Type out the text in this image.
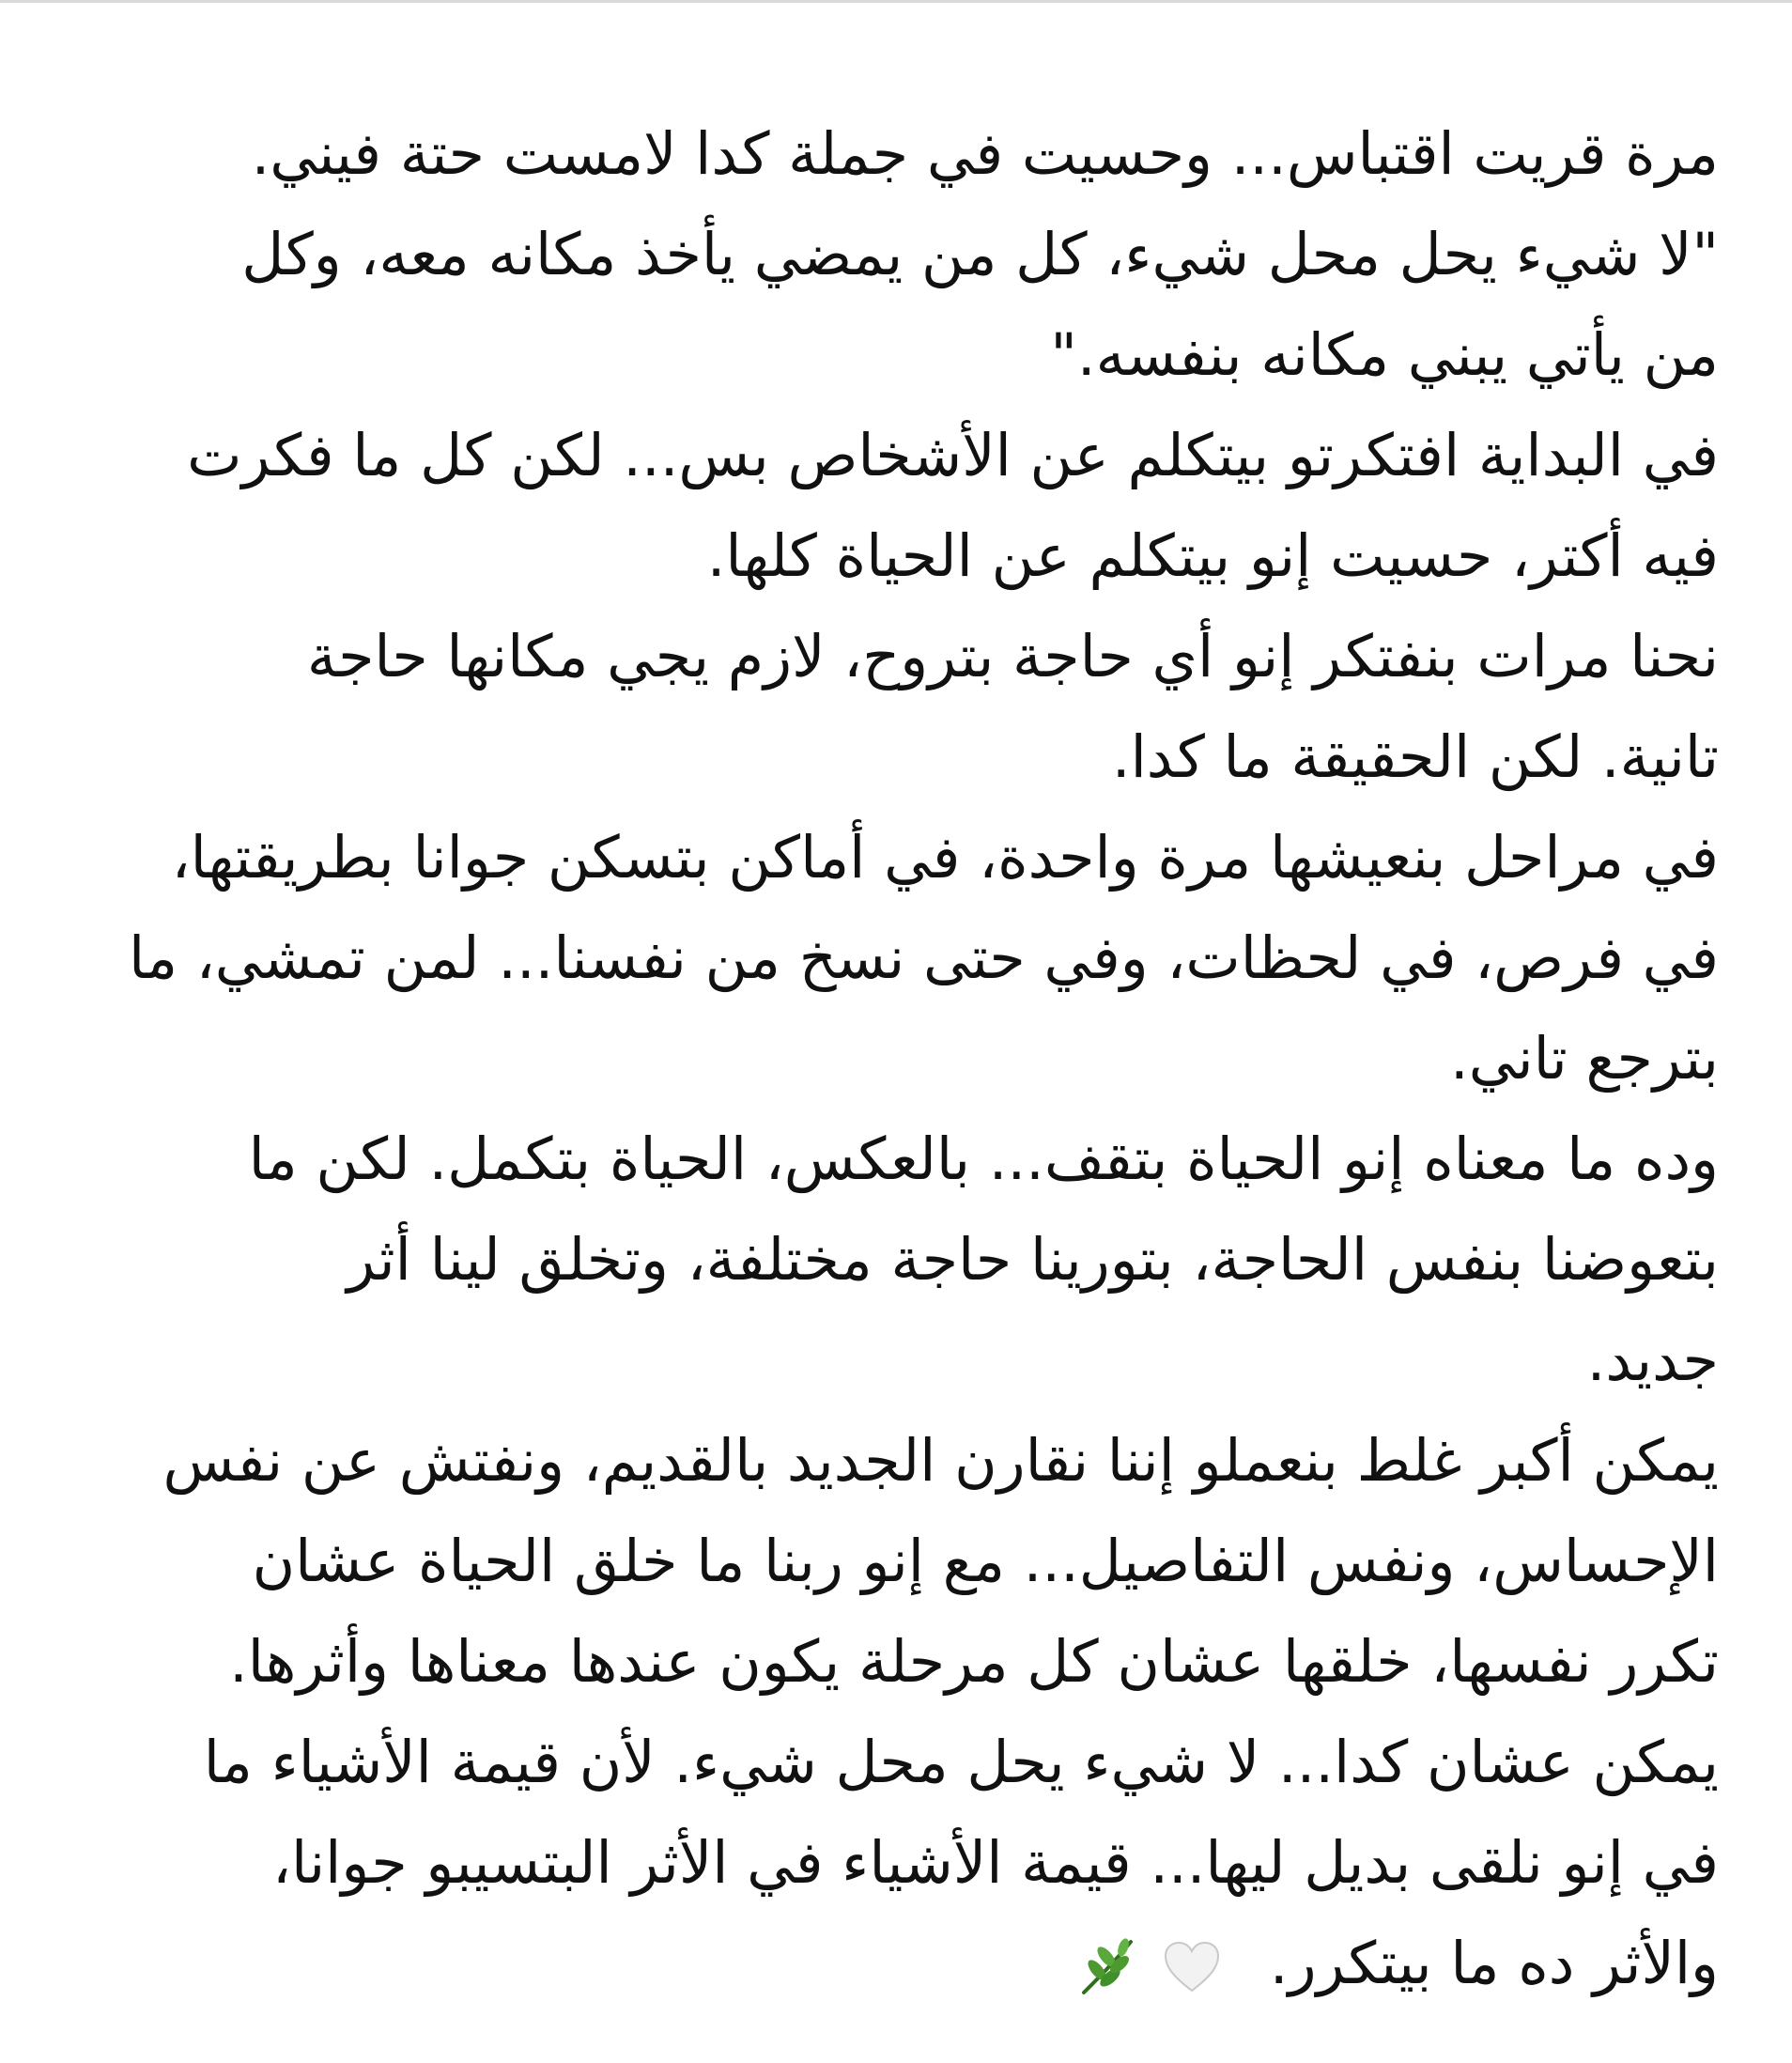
مرة قريت اقتباس... وحسيت في جملة كدا لامست حتة فيني.
"لا شيء يحل محل شيء، كل من يمضي يأخذ مكانه معه، وكل
من يأتي يبني مكانه بنفسه."
في البداية افتكرتو بيتكلم عن الأشخاص بس... لكن كل ما فكرت
فيه أكتر، حسيت إنو بيتكلم عن الحياة كلها.
نحنا مرات بنفتكر إنو أي حاجة بتروح، لازم يجي مكانها حاجة
تانية. لكن الحقيقة ما كدا.
في مراحل بنعيشها مرة واحدة، في أماكن بتسكن جوانا بطريقتها،
في فرص، في لحظات، وفي حتى نسخ من نفسنا... لمن تمشي، ما
بترجع تاني.
وده ما معناه إنو الحياة بتقف... بالعكس، الحياة بتكمل. لكن ما
بتعوضنا بنفس الحاجة، بتورينا حاجة مختلفة، وتخلق لينا أثر
جديد.
يمكن أكبر غلط بنعملو إننا نقارن الجديد بالقديم، ونفتش عن نفس
الإحساس، ونفس التفاصيل... مع إنو ربنا ما خلق الحياة عشان
تكرر نفسها، خلقها عشان كل مرحلة يكون عندها معناها وأثرها.
يمكن عشان كدا... لا شيء يحل محل شيء. لأن قيمة الأشياء ما
في إنو نلقى بديل ليها... قيمة الأشياء في الأثر البتسيبو جوانا،
والأثر ده ما بيتكرر.
